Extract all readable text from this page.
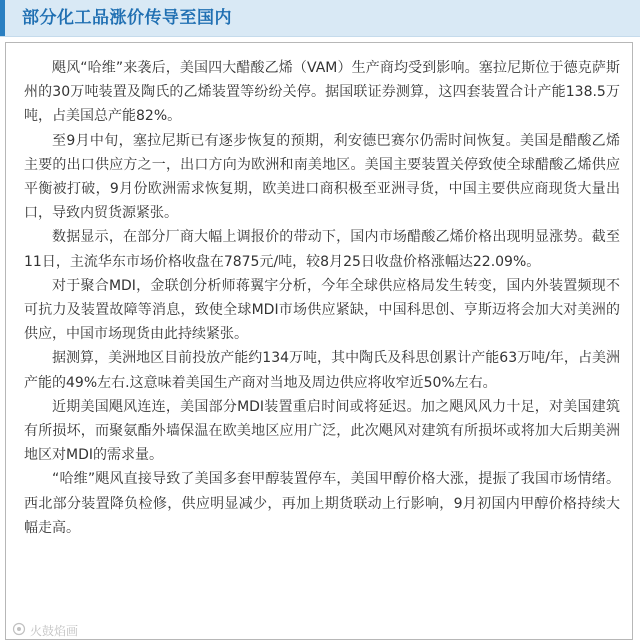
部分化工品涨价传导至国内

飓风“哈维”来袭后，美国四大醋酸乙烯（VAM）生产商均受到影响。塞拉尼斯位于德克萨斯州的30万吨装置及陶氏的乙烯装置等纷纷关停。据国联证券测算，这四套装置合计产能138.5万吨，占美国总产能82%。

至9月中旬，塞拉尼斯已有逐步恢复的预期，利安德巴赛尔仍需时间恢复。美国是醋酸乙烯主要的出口供应方之一，出口方向为欧洲和南美地区。美国主要装置关停致使全球醋酸乙烯供应平衡被打破，9月份欧洲需求恢复期，欧美进口商积极至亚洲寻货，中国主要供应商现货大量出口，导致内贸货源紧张。

数据显示，在部分厂商大幅上调报价的带动下，国内市场醋酸乙烯价格出现明显涨势。截至11日，主流华东市场价格收盘在7875元/吨，较8月25日收盘价格涨幅达22.09%。

对于聚合MDI，金联创分析师蒋翼宇分析，今年全球供应格局发生转变，国内外装置频现不可抗力及装置故障等消息，致使全球MDI市场供应紧缺，中国科思创、亨斯迈将会加大对美洲的供应，中国市场现货由此持续紧张。

据测算，美洲地区目前投放产能约134万吨，其中陶氏及科思创累计产能63万吨/年，占美洲产能的49%左右.这意味着美国生产商对当地及周边供应将收窄近50%左右。

近期美国飓风连连，美国部分MDI装置重启时间或将延迟。加之飓风风力十足，对美国建筑有所损坏，而聚氨酯外墙保温在欧美地区应用广泛，此次飓风对建筑有所损坏或将加大后期美洲地区对MDI的需求量。

“哈维”飓风直接导致了美国多套甲醇装置停车，美国甲醇价格大涨，提振了我国市场情绪。西北部分装置降负检修，供应明显减少，再加上期货联动上行影响，9月初国内甲醇价格持续大幅走高。

火鼓焰画
